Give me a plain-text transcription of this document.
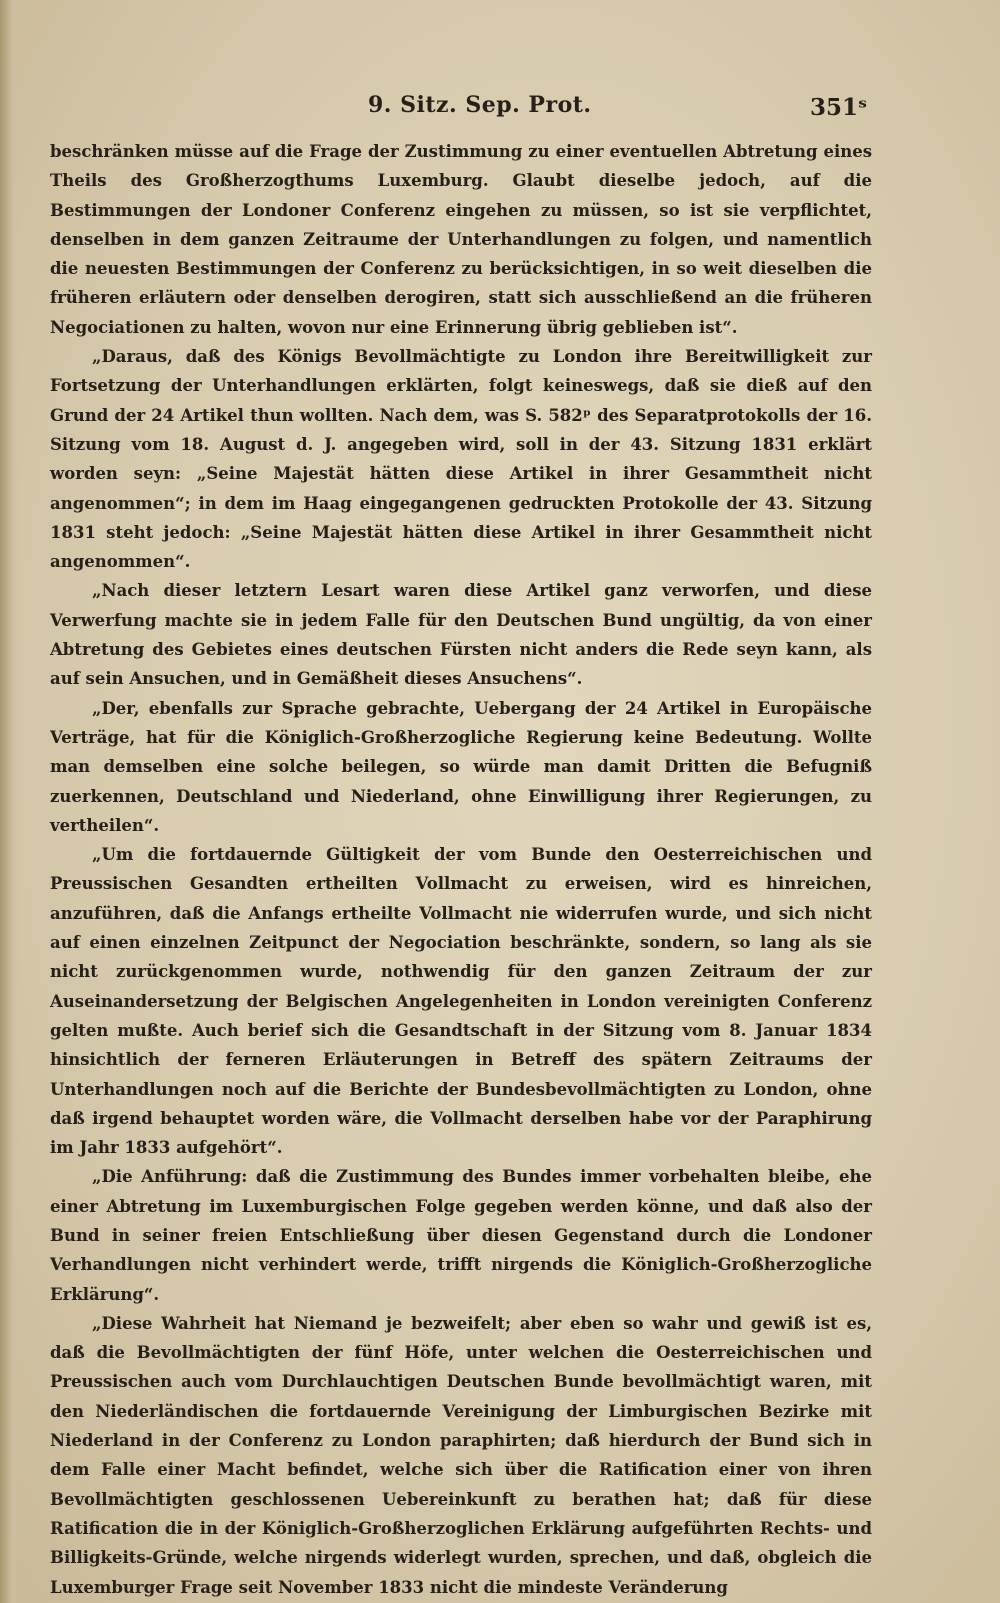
9. Sitz. Sep. Prot.	351ˢ

beschränken müsse auf die Frage der Zustimmung zu einer eventuellen Abtretung eines Theils des Großherzogthums Luxemburg. Glaubt dieselbe jedoch, auf die Bestimmungen der Londoner Conferenz eingehen zu müssen, so ist sie verpflichtet, denselben in dem ganzen Zeitraume der Unterhandlungen zu folgen, und namentlich die neuesten Bestimmungen der Conferenz zu berücksichtigen, in so weit dieselben die früheren erläutern oder denselben derogiren, statt sich ausschließend an die früheren Negociationen zu halten, wovon nur eine Erinnerung übrig geblieben ist“.

„Daraus, daß des Königs Bevollmächtigte zu London ihre Bereitwilligkeit zur Fortsetzung der Unterhandlungen erklärten, folgt keineswegs, daß sie dieß auf den Grund der 24 Artikel thun wollten. Nach dem, was S. 582ᵖ des Separatprotokolls der 16. Sitzung vom 18. August d. J. angegeben wird, soll in der 43. Sitzung 1831 erklärt worden seyn: „Seine Majestät hätten diese Artikel in ihrer Gesammtheit nicht angenommen“; in dem im Haag eingegangenen gedruckten Protokolle der 43. Sitzung 1831 steht jedoch: „Seine Majestät hätten diese Artikel in ihrer Gesammtheit nicht angenommen“.

„Nach dieser letztern Lesart waren diese Artikel ganz verworfen, und diese Verwerfung machte sie in jedem Falle für den Deutschen Bund ungültig, da von einer Abtretung des Gebietes eines deutschen Fürsten nicht anders die Rede seyn kann, als auf sein Ansuchen, und in Gemäßheit dieses Ansuchens“.

„Der, ebenfalls zur Sprache gebrachte, Uebergang der 24 Artikel in Europäische Verträge, hat für die Königlich-Großherzogliche Regierung keine Bedeutung. Wollte man demselben eine solche beilegen, so würde man damit Dritten die Befugniß zuerkennen, Deutschland und Niederland, ohne Einwilligung ihrer Regierungen, zu vertheilen“.

„Um die fortdauernde Gültigkeit der vom Bunde den Oesterreichischen und Preussischen Gesandten ertheilten Vollmacht zu erweisen, wird es hinreichen, anzuführen, daß die Anfangs ertheilte Vollmacht nie widerrufen wurde, und sich nicht auf einen einzelnen Zeitpunct der Negociation beschränkte, sondern, so lang als sie nicht zurückgenommen wurde, nothwendig für den ganzen Zeitraum der zur Auseinandersetzung der Belgischen Angelegenheiten in London vereinigten Conferenz gelten mußte. Auch berief sich die Gesandtschaft in der Sitzung vom 8. Januar 1834 hinsichtlich der ferneren Erläuterungen in Betreff des spätern Zeitraums der Unterhandlungen noch auf die Berichte der Bundesbevollmächtigten zu London, ohne daß irgend behauptet worden wäre, die Vollmacht derselben habe vor der Paraphirung im Jahr 1833 aufgehört“.

„Die Anführung: daß die Zustimmung des Bundes immer vorbehalten bleibe, ehe einer Abtretung im Luxemburgischen Folge gegeben werden könne, und daß also der Bund in seiner freien Entschließung über diesen Gegenstand durch die Londoner Verhandlungen nicht verhindert werde, trifft nirgends die Königlich-Großherzogliche Erklärung“.

„Diese Wahrheit hat Niemand je bezweifelt; aber eben so wahr und gewiß ist es, daß die Bevollmächtigten der fünf Höfe, unter welchen die Oesterreichischen und Preussischen auch vom Durchlauchtigen Deutschen Bunde bevollmächtigt waren, mit den Niederländischen die fortdauernde Vereinigung der Limburgischen Bezirke mit Niederland in der Conferenz zu London paraphirten; daß hierdurch der Bund sich in dem Falle einer Macht befindet, welche sich über die Ratification einer von ihren Bevollmächtigten geschlossenen Uebereinkunft zu berathen hat; daß für diese Ratification die in der Königlich-Großherzoglichen Erklärung aufgeführten Rechts- und Billigkeits-Gründe, welche nirgends widerlegt wurden, sprechen, und daß, obgleich die Luxemburger Frage seit November 1833 nicht die mindeste Veränderung
